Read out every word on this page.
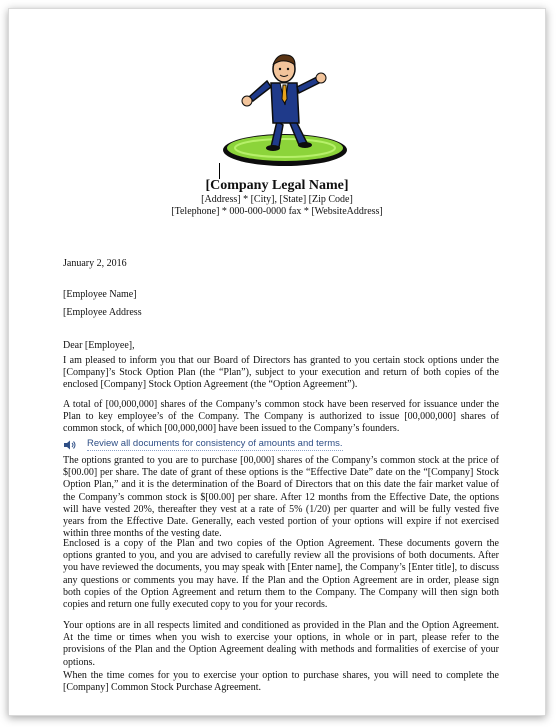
[Company Legal Name]
[Address] * [City], [State] [Zip Code]
[Telephone] * 000-000-0000 fax * [WebsiteAddress]

January 2, 2016

[Employee Name]

[Employee Address

Dear [Employee],

I am pleased to inform you that our Board of Directors has granted to you certain stock options under the [Company]’s Stock Option Plan (the “Plan”), subject to your execution and return of both copies of the enclosed [Company] Stock Option Agreement (the “Option Agreement”).

A total of [00,000,000] shares of the Company’s common stock have been reserved for issuance under the Plan to key employee’s of the Company. The Company is authorized to issue [00,000,000] shares of common stock, of which [00,000,000] have been issued to the Company’s founders.

Review all documents for consistency of amounts and terms.

The options granted to you are to purchase [00,000] shares of the Company’s common stock at the price of $[00.00] per share. The date of grant of these options is the “Effective Date” date on the “[Company] Stock Option Plan,” and it is the determination of the Board of Directors that on this date the fair market value of the Company’s common stock is $[00.00] per share. After 12 months from the Effective Date, the options will have vested 20%, thereafter they vest at a rate of 5% (1/20) per quarter and will be fully vested five years from the Effective Date. Generally, each vested portion of your options will expire if not exercised within three months of the vesting date.

Enclosed is a copy of the Plan and two copies of the Option Agreement. These documents govern the options granted to you, and you are advised to carefully review all the provisions of both documents. After you have reviewed the documents, you may speak with [Enter name], the Company’s [Enter title], to discuss any questions or comments you may have. If the Plan and the Option Agreement are in order, please sign both copies of the Option Agreement and return them to the Company. The Company will then sign both copies and return one fully executed copy to you for your records.

Your options are in all respects limited and conditioned as provided in the Plan and the Option Agreement. At the time or times when you wish to exercise your options, in whole or in part, please refer to the provisions of the Plan and the Option Agreement dealing with methods and formalities of exercise of your options.

When the time comes for you to exercise your option to purchase shares, you will need to complete the [Company] Common Stock Purchase Agreement.
